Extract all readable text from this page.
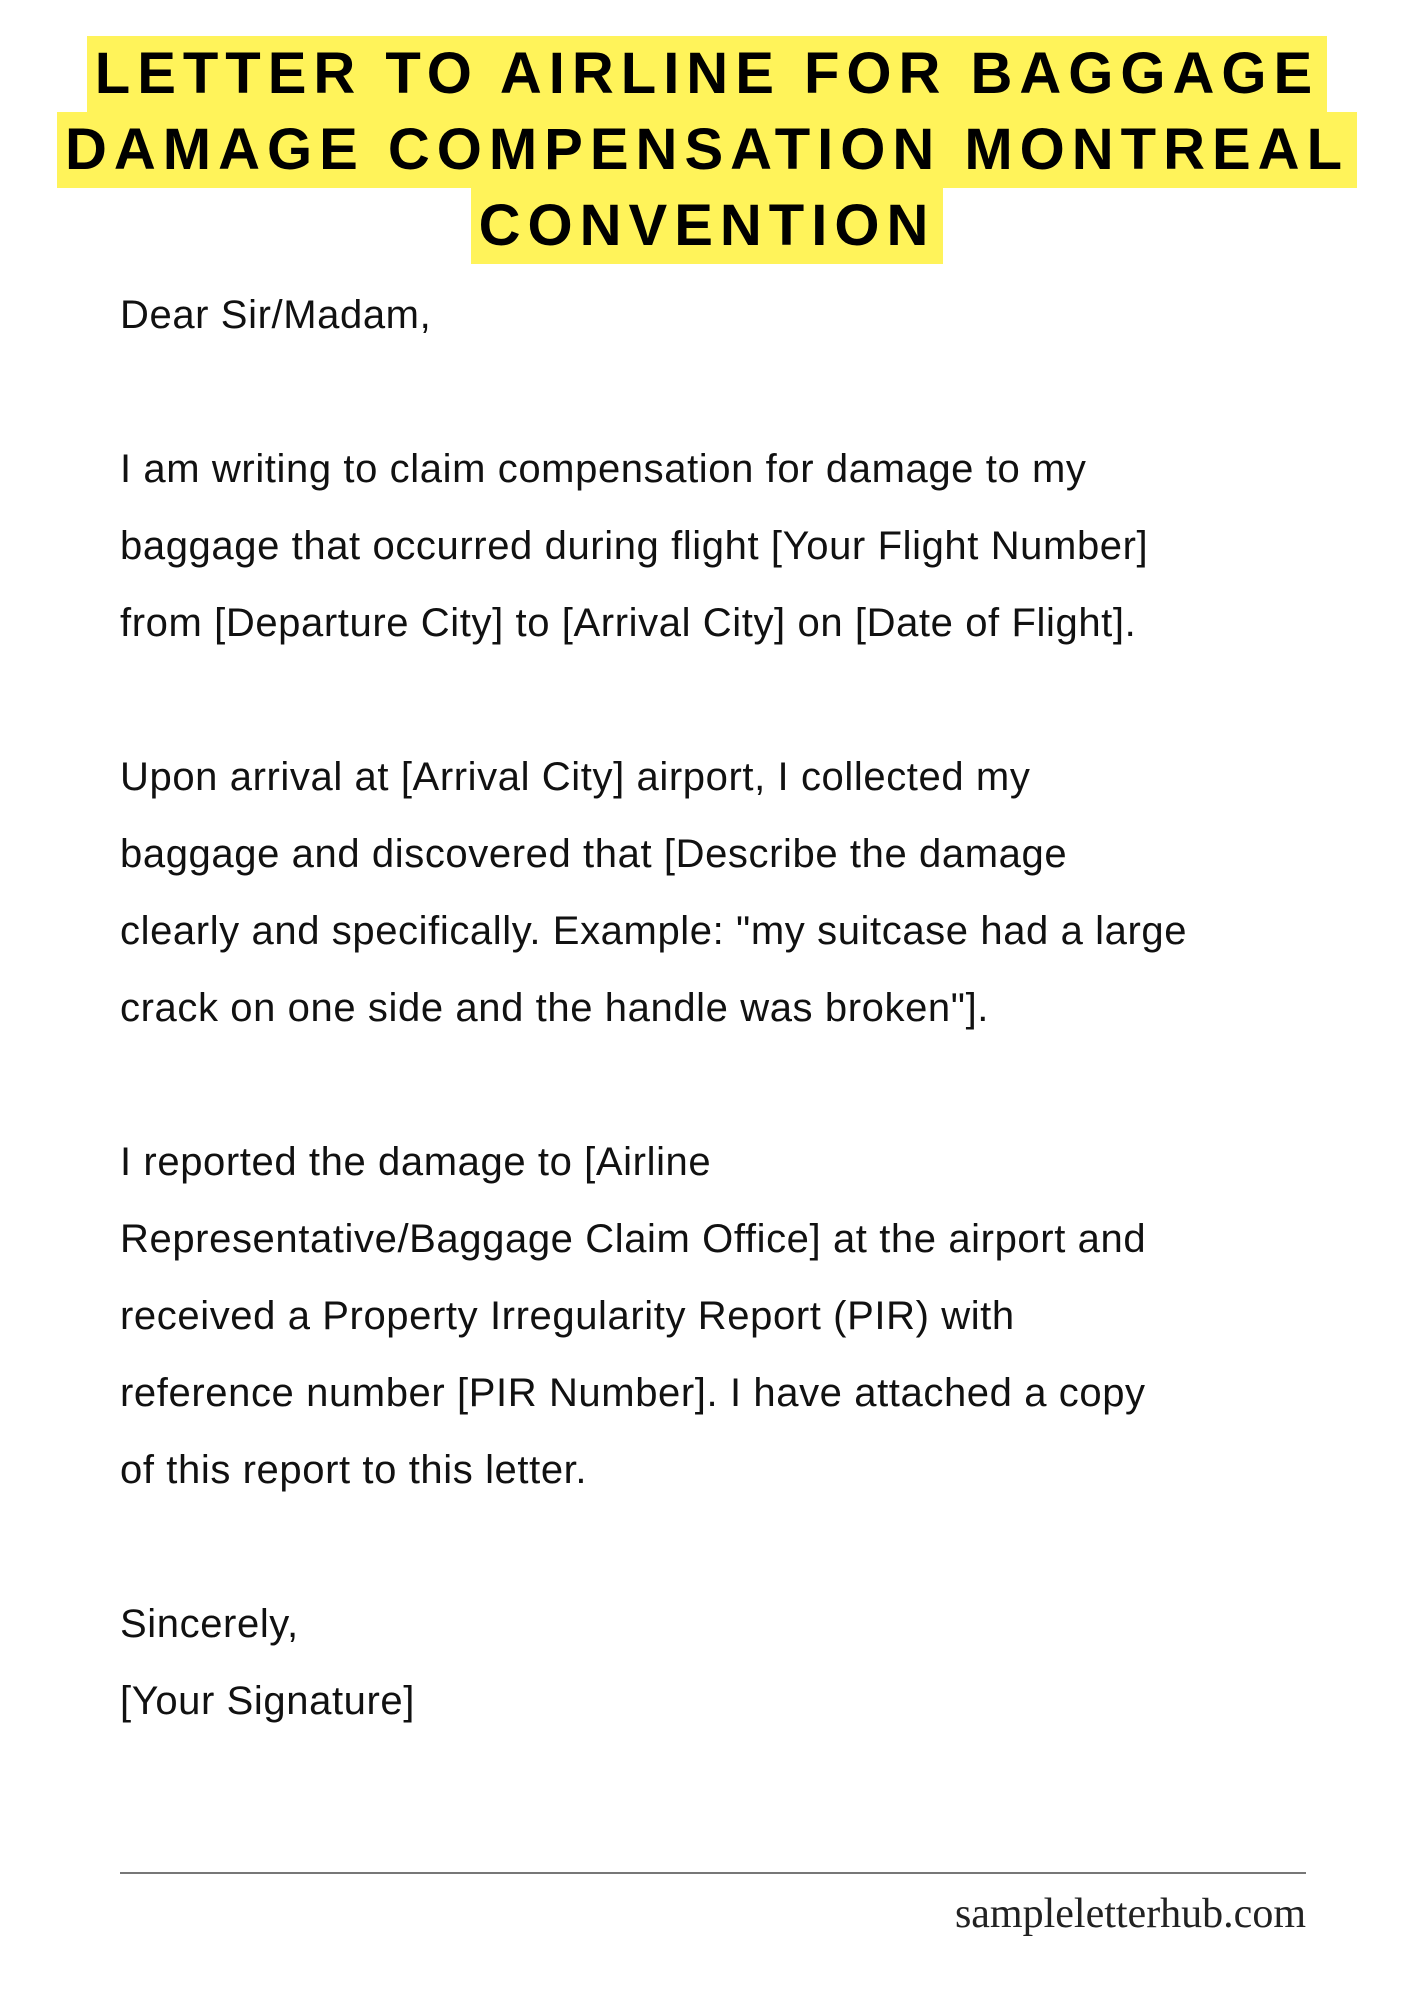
LETTER TO AIRLINE FOR BAGGAGE
DAMAGE COMPENSATION MONTREAL
CONVENTION
Dear Sir/Madam,
I am writing to claim compensation for damage to my
baggage that occurred during flight [Your Flight Number]
from [Departure City] to [Arrival City] on [Date of Flight].
Upon arrival at [Arrival City] airport, I collected my
baggage and discovered that [Describe the damage
clearly and specifically. Example: "my suitcase had a large
crack on one side and the handle was broken"].
I reported the damage to [Airline
Representative/Baggage Claim Office] at the airport and
received a Property Irregularity Report (PIR) with
reference number [PIR Number]. I have attached a copy
of this report to this letter.
Sincerely,
[Your Signature]
sampleletterhub.com
